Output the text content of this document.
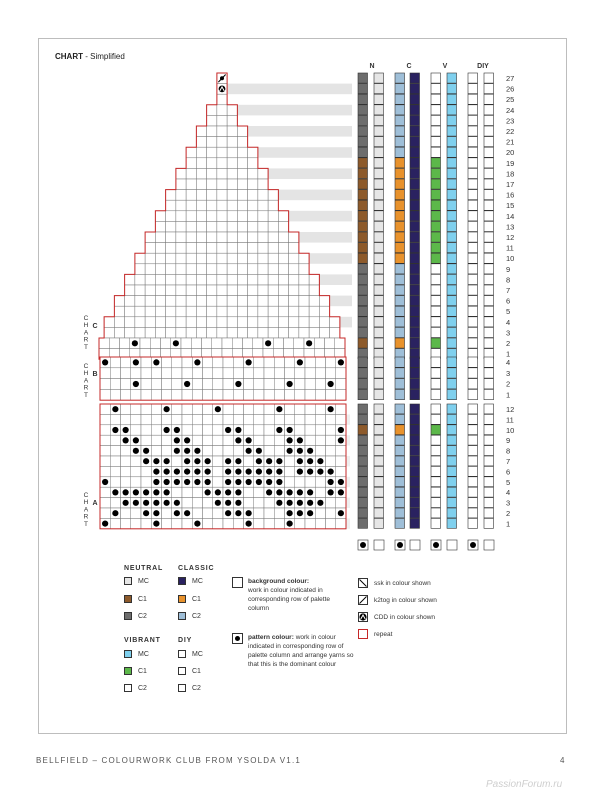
CHART - Simplified
C
H
A
R
T
C
C
H
A
R
T
B
C
H
A
R
T
A
N	C	V	DIY
27
26
25
24
23
22
21
20
19
18
17
16
15
14
13
12
11
10
9
8
7
6
5
4
3
2
1
4
3
2
1
12
11
10
9
8
7
6
5
4
3
2
1
NEUTRAL
MC
C1
C2
CLASSIC
MC
C1
C2
VIBRANT
MC
C1
C2
DIY
MC
C1
C2
background colour:
work in colour indicated in corresponding row of palette column
pattern colour: work in colour indicated in corresponding row of palette column and arrange yarns so that this is the dominant colour
ssk in colour shown
k2tog in colour shown
CDD in colour shown
repeat
BELLFIELD – COLOURWORK CLUB FROM YSOLDA V1.1	4
PassionForum.ru
